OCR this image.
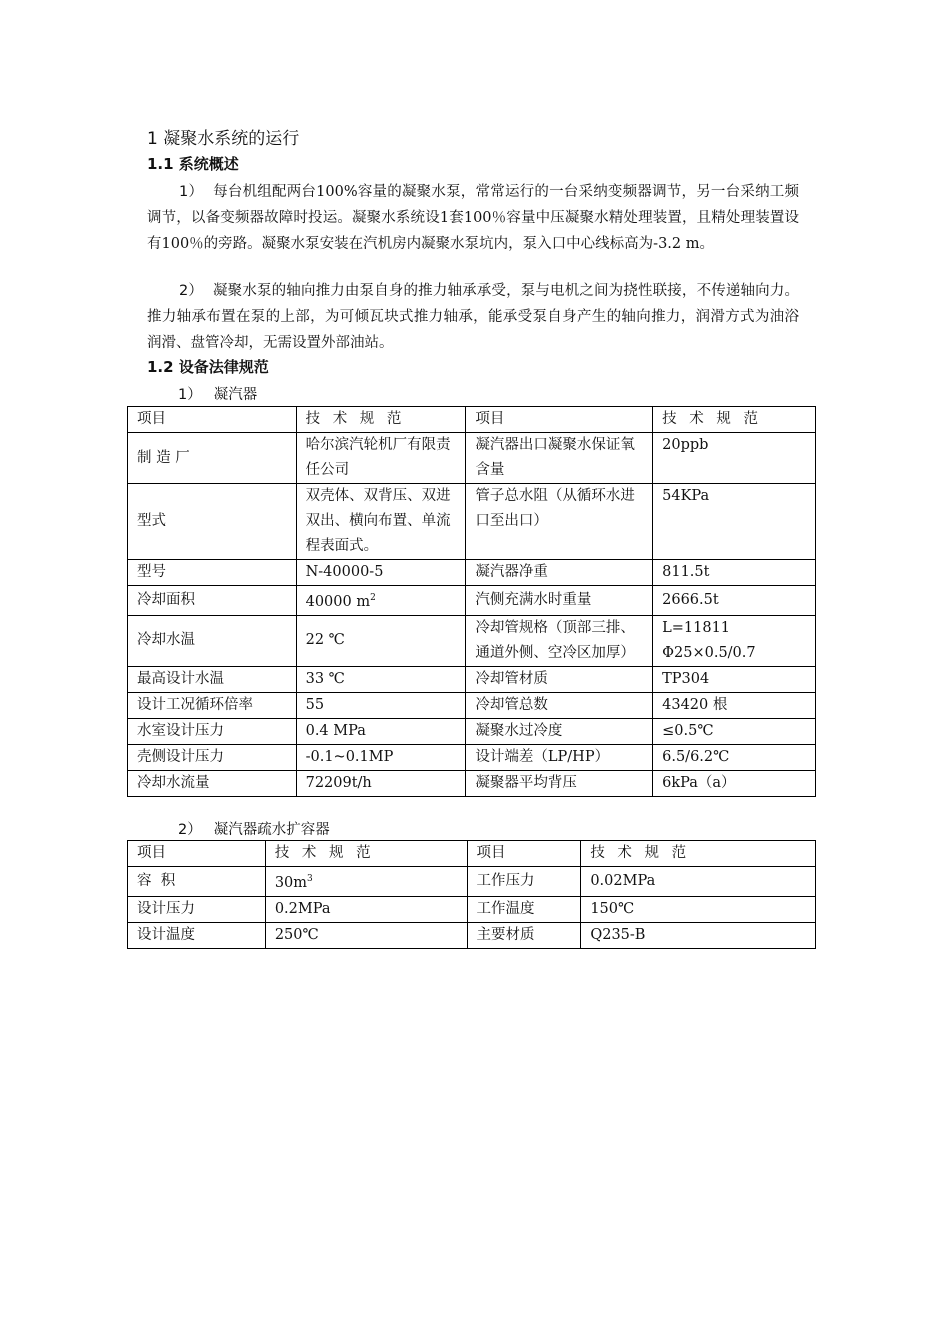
1 凝聚水系统的运行
1.1 系统概述
1） 每台机组配两台100%容量的凝聚水泵，常常运行的一台采纳变频器调节，另一台采纳工频调节，以备变频器故障时投运。凝聚水系统设1套100％容量中压凝聚水精处理装置，且精处理装置设有100％的旁路。凝聚水泵安装在汽机房内凝聚水泵坑内，泵入口中心线标高为-3.2 m。
2） 凝聚水泵的轴向推力由泵自身的推力轴承承受，泵与电机之间为挠性联接，不传递轴向力。推力轴承布置在泵的上部，为可倾瓦块式推力轴承，能承受泵自身产生的轴向推力，润滑方式为油浴润滑、盘管冷却，无需设置外部油站。
1.2 设备法律规范
1） 凝汽器
项目	技 术 规 范	项目	技 术 规 范
制 造 厂	哈尔滨汽轮机厂有限责任公司	凝汽器出口凝聚水保证氧含量	20ppb
型式	双壳体、双背压、双进双出、横向布置、单流程表面式。	管子总水阻（从循环水进口至出口）	54KPa
型号	N-40000-5	凝汽器净重	811.5t
冷却面积	40000 $m^2$	汽侧充满水时重量	2666.5t
冷却水温	22 ℃	冷却管规格（顶部三排、通道外侧、空冷区加厚）	L=11811 Φ25×0.5/0.7
最高设计水温	33 ℃	冷却管材质	TP304
设计工况循环倍率	55	冷却管总数	43420 根
水室设计压力	0.4 MPa	凝聚水过冷度	≤0.5℃
壳侧设计压力	-0.1~0.1MP	设计端差（LP/HP）	6.5/6.2℃
冷却水流量	72209t/h	凝聚器平均背压	6kPa（a）
2） 凝汽器疏水扩容器
项目	技 术 规 范	项目	技 术 规 范
容  积	$30m^3$	工作压力	0.02MPa
设计压力	0.2MPa	工作温度	150℃
设计温度	250℃	主要材质	Q235-B
